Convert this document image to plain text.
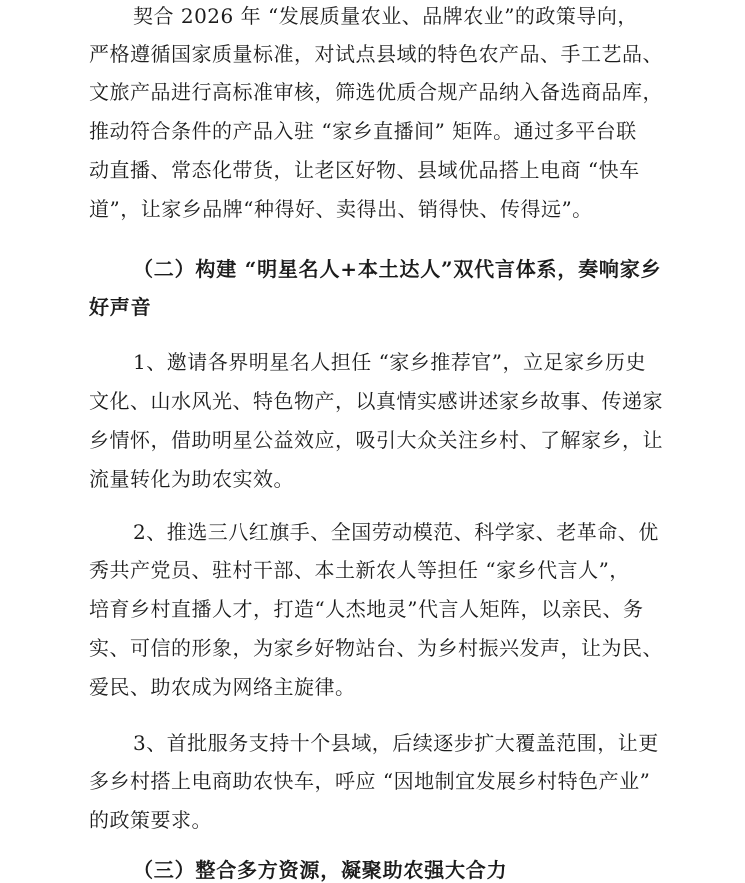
契合 2026 年 “发展质量农业、品牌农业”的政策导向，
严格遵循国家质量标准，对试点县域的特色农产品、手工艺品、
文旅产品进行高标准审核，筛选优质合规产品纳入备选商品库，
推动符合条件的产品入驻 “家乡直播间” 矩阵。通过多平台联
动直播、常态化带货，让老区好物、县域优品搭上电商 “快车
道”，让家乡品牌“种得好、卖得出、销得快、传得远”。
（二）构建 “明星名人+本土达人”双代言体系，奏响家乡
好声音
1、邀请各界明星名人担任 “家乡推荐官”，立足家乡历史
文化、山水风光、特色物产，以真情实感讲述家乡故事、传递家
乡情怀，借助明星公益效应，吸引大众关注乡村、了解家乡，让
流量转化为助农实效。
2、推选三八红旗手、全国劳动模范、科学家、老革命、优
秀共产党员、驻村干部、本土新农人等担任 “家乡代言人”，
培育乡村直播人才，打造“人杰地灵”代言人矩阵，以亲民、务
实、可信的形象，为家乡好物站台、为乡村振兴发声，让为民、
爱民、助农成为网络主旋律。
3、首批服务支持十个县域，后续逐步扩大覆盖范围，让更
多乡村搭上电商助农快车，呼应 “因地制宜发展乡村特色产业”
的政策要求。
（三）整合多方资源，凝聚助农强大合力
